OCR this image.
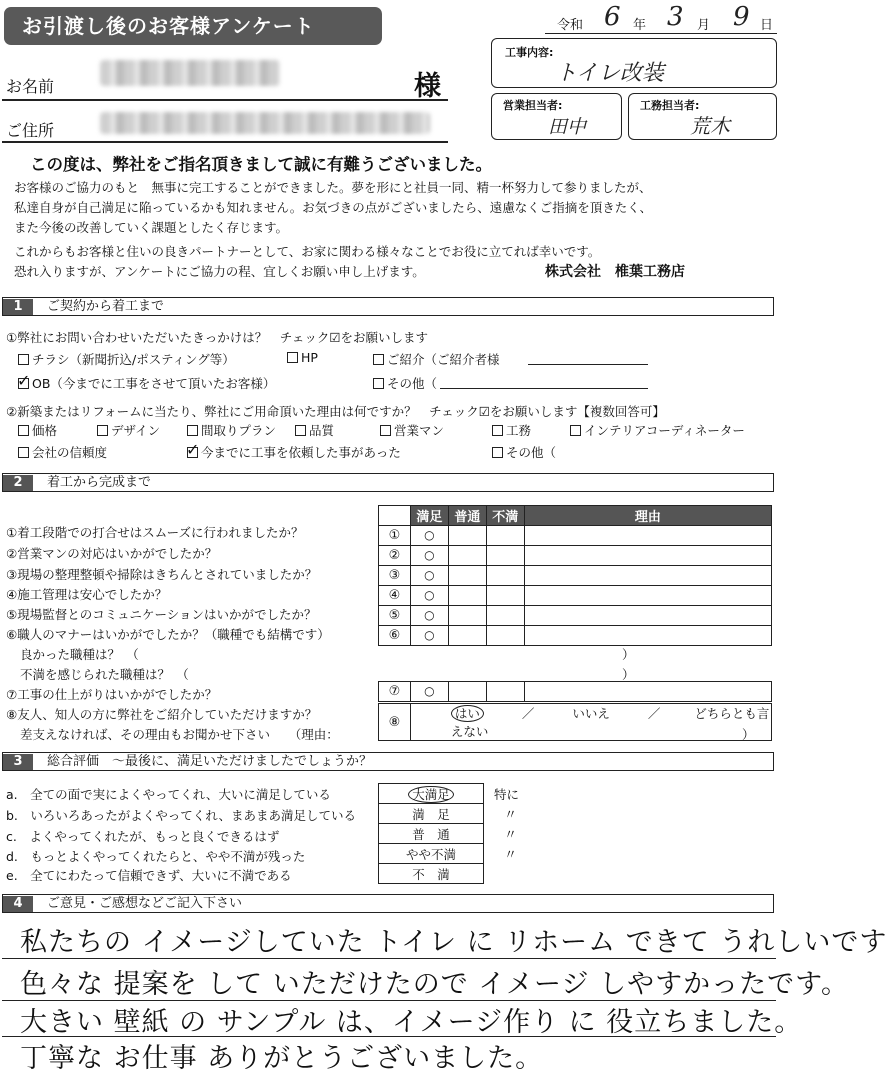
お引渡し後のお客様アンケート	令和 6 年 3 月 9 日
お名前	様
ご住所
工事内容:
トイレ改装
営業担当者:
田中
工務担当者:
荒木
この度は、弊社をご指名頂きまして誠に有難うございました。
お客様のご協力のもと　無事に完工することができました。夢を形にと社員一同、精一杯努力して参りましたが、
私達自身が自己満足に陥っているかも知れません。お気づきの点がございましたら、遠慮なくご指摘を頂きたく、
また今後の改善していく課題としたく存じます。
これからもお客様と住いの良きパートナーとして、お家に関わる様々なことでお役に立てれば幸いです。
恐れ入りますが、アンケートにご協力の程、宜しくお願い申し上げます。	株式会社　椎葉工務店
1 ご契約から着工まで
①弊社にお問い合わせいただいたきっかけは？　チェック☑をお願いします
チラシ（新聞折込/ポスティング等）	HP	ご紹介（ご紹介者様
✓OB（今までに工事をさせて頂いたお客様）	その他（
②新築またはリフォームに当たり、弊社にご用命頂いた理由は何ですか？　チェック☑をお願いします【複数回答可】
価格	デザイン	間取りプラン	品質	営業マン	工務	インテリアコーディネーター
会社の信頼度 ✓	今までに工事を依頼した事があった	その他（
2 着工から完成まで
①着工段階での打合せはスムーズに行われましたか？
②営業マンの対応はいかがでしたか？
③現場の整理整頓や掃除はきちんとされていましたか？
④施工管理は安心でしたか？
⑤現場監督とのコミュニケーションはいかがでしたか？
⑥職人のマナーはいかがでしたか？（職種でも結構です）
良かった職種は？　（	）
不満を感じられた職種は？　（	）
⑦工事の仕上がりはいかがでしたか？
⑧友人、知人の方に弊社をご紹介していただけますか？
差支えなければ、その理由もお聞かせ下さい　　（理由：	）
	満足	普通	不満	理由
①	○			
②	○			
③	○			
④	○			
⑤	○			
⑥	○			
⑦	○			
⑧	はい	／	いいえ	／	どちらとも言えない
3 総合評価　～最後に、満足いただけましたでしょうか？
a.　全ての面で実によくやってくれ、大いに満足している
b.　いろいろあったがよくやってくれ、まあまあ満足している
c.　よくやってくれたが、もっと良くできるはず
d.　もっとよくやってくれたらと、やや不満が残った
e.　全てにわたって信頼できず、大いに不満である
大満足	特に
満　足	〃
普　通	〃
やや不満	〃
不　満	
4 ご意見・ご感想などご記入下さい
私たちの イメージしていた トイレ に リホーム できて うれしいです
色々な 提案を して いただけたので イメージ しやすかったです。
大きい 壁紙 の サンプル は、イメージ作り に 役立ちました。
丁寧な お仕事 ありがとうございました。
